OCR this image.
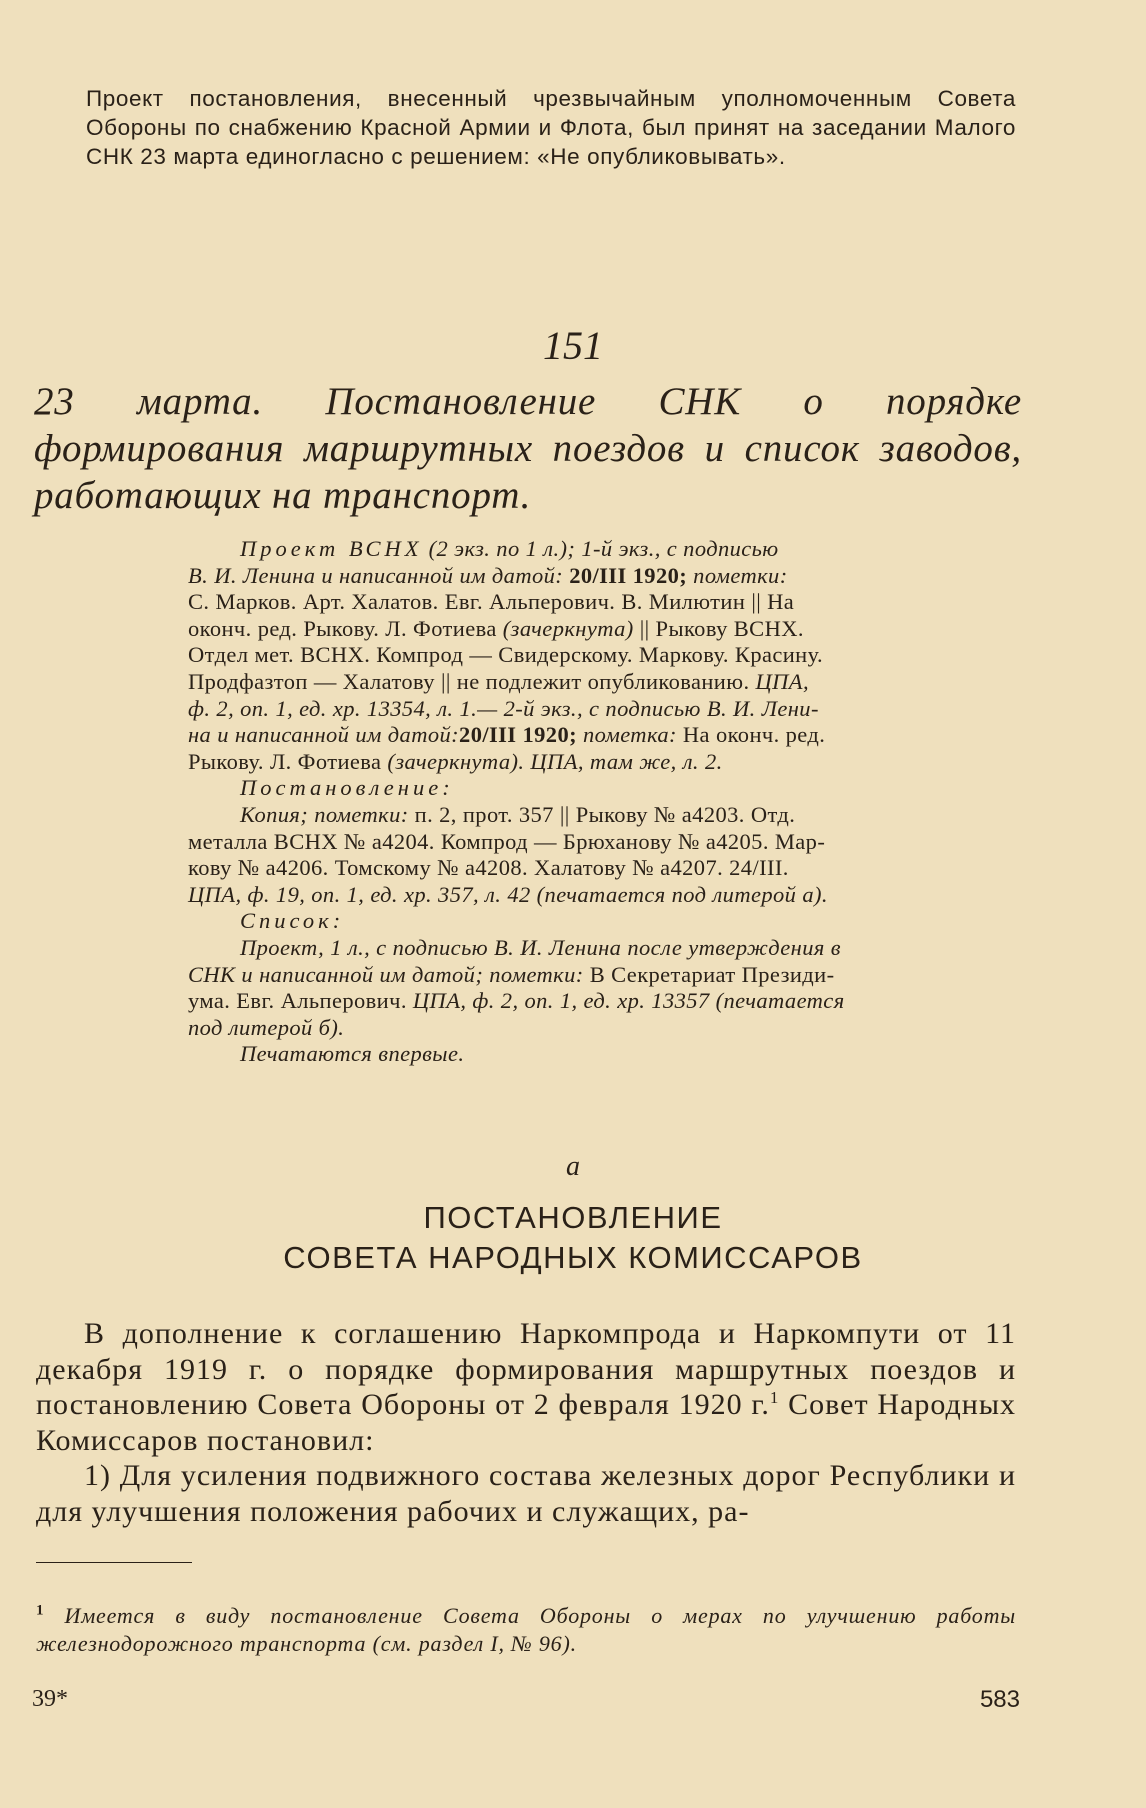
Проект постановления, внесенный чрезвычайным уполномоченным Совета Обороны по снабжению Красной Армии и Флота, был принят на заседании Малого СНК 23 марта единогласно с решением: «Не опубликовывать».
151
23 марта. Постановление СНК о порядке формирования маршрутных поездов и список заводов, работающих на транспорт.
Проект ВСНХ (2 экз. по 1 л.); 1-й экз., с подписью
В. И. Ленина и написанной им датой: 20/III 1920; пометки:
С. Марков. Арт. Халатов. Евг. Альперович. В. Милютин || На
оконч. ред. Рыкову. Л. Фотиева (зачеркнута) || Рыкову ВСНХ.
Отдел мет. ВСНХ. Компрод — Свидерскому. Маркову. Красину.
Продфазтоп — Халатову || не подлежит опубликованию. ЦПА,
ф. 2, оп. 1, ед. хр. 13354, л. 1.— 2-й экз., с подписью В. И. Лени-
на и написанной им датой:20/III 1920; пометка: На оконч. ред.
Рыкову. Л. Фотиева (зачеркнута). ЦПА, там же, л. 2.
Постановление:
Копия; пометки: п. 2, прот. 357 || Рыкову № а4203. Отд.
металла ВСНХ № а4204. Компрод — Брюханову № а4205. Мар-
кову № а4206. Томскому № а4208. Халатову № а4207. 24/III.
ЦПА, ф. 19, оп. 1, ед. хр. 357, л. 42 (печатается под литерой а).
Список:
Проект, 1 л., с подписью В. И. Ленина после утверждения в
СНК и написанной им датой; пометки: В Секретариат Президи-
ума. Евг. Альперович. ЦПА, ф. 2, оп. 1, ед. хр. 13357 (печатается
под литерой б).
Печатаются впервые.
а
ПОСТАНОВЛЕНИЕ
СОВЕТА НАРОДНЫХ КОМИССАРОВ

В дополнение к соглашению Наркомпрода и Наркомпути от 11 декабря 1919 г. о порядке формирования маршрутных поездов и постановлению Совета Обороны от 2 февраля 1920 г.$^1$ Совет Народных Комиссаров постановил:

1) Для усиления подвижного состава железных дорог Республики и для улучшения положения рабочих и служащих, ра-

$^1$ Имеется в виду постановление Совета Обороны о мерах по улучшению работы железнодорожного транспорта (см. раздел I, № 96).
39*	583
